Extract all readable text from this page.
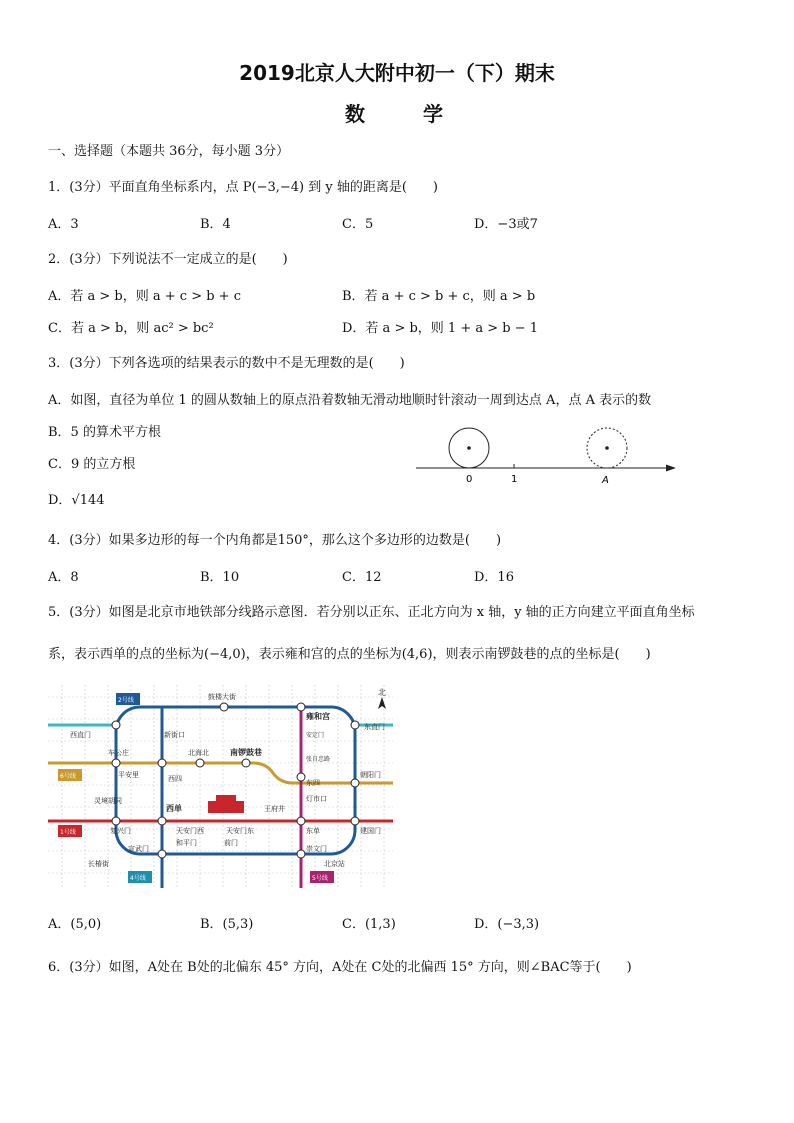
2019北京人大附中初一（下）期末
数　　学
一、选择题（本题共 36分，每小题 3分）
1．(3分）平面直角坐标系内，点 P(−3,−4) 到 y 轴的距离是(　　)
A．3	B．4	C．5	D．−3或7
2．(3分）下列说法不一定成立的是(　　)
A．若 a > b，则 a + c > b + c	B．若 a + c > b + c，则 a > b
C．若 a > b，则 ac² > bc²	D．若 a > b，则 1 + a > b − 1
3．(3分）下列各选项的结果表示的数中不是无理数的是(　　)
A．如图，直径为单位 1 的圆从数轴上的原点沿着数轴无滑动地顺时针滚动一周到达点 A，点 A 表示的数
B．5 的算术平方根
C．9 的立方根
D．√144
0	1	A
4．(3分）如果多边形的每一个内角都是150°，那么这个多边形的边数是(　　)
A．8	B．10	C．12	D．16
5．(3分）如图是北京市地铁部分线路示意图．若分别以正东、正北方向为 x 轴，y 轴的正方向建立平面直角坐标
系，表示西单的点的坐标为(−4,0)，表示雍和宫的点的坐标为(4,6)，则表示南锣鼓巷的点的坐标是(　　)
2号线
6号线
1号线
4号线	5号线
北
鼓楼大街
雍和宫
安定门
西直门	新街口
东直门
车公庄	北海北	南锣鼓巷
张自忠路
平安里	西四	东四
朝阳门
灵境胡同
西单	王府井
灯市口
复兴门	天安门西	天安门东	东单	建国门
长椿街
宣武门
和平门	前门
崇文门
北京站
A．(5,0)	B．(5,3)	C．(1,3)	D．(−3,3)
6．(3分）如图，A处在 B处的北偏东 45° 方向，A处在 C处的北偏西 15° 方向，则∠BAC等于(　　)
